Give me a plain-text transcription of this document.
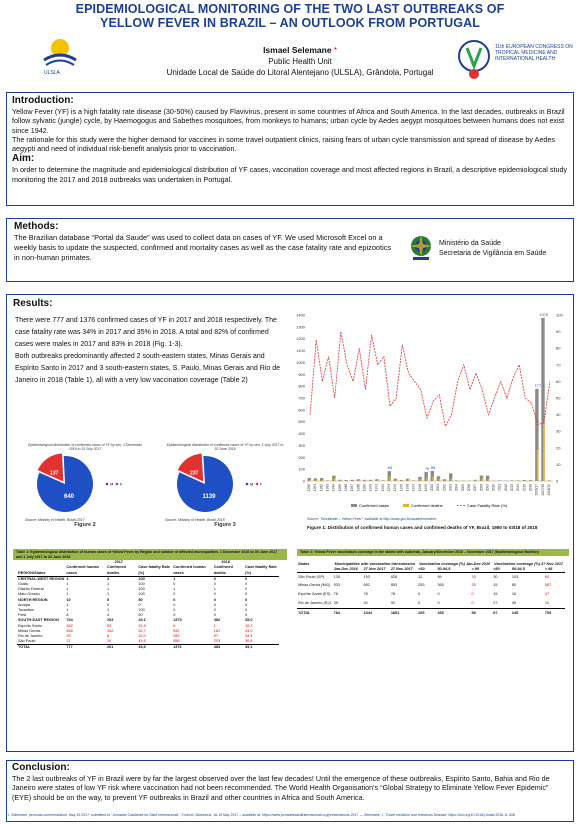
EPIDEMIOLOGICAL MONITORING OF THE TWO LAST OUTBREAKS OF
YELLOW FEVER IN BRAZIL – AN OUTLOOK FROM PORTUGAL
ULSLA
Ismael Selemane *
Public Health Unit
Unidade Local de Saúde do Litoral Alentejano (ULSLA), Grândola, Portugal
11th EUROPEAN CONGRESS ON TROPICAL MEDICINE AND INTERNATIONAL HEALTH
Introduction:
Yellow Fever (YF) is a high fatality rate disease (30-50%) caused by Flavivirus, present in some countries of Africa and South America. In the last decades, outbreaks in Brazil follow sylvatic (jungle) cycle, by Haemogogus and Sabethes mosquitoes, from monkeys to humans; urban cycle by Aedes aegypt mosquitoes between humans does not exist since 1942.
The rationale for this study were the higher demand for vaccines in some travel outpatient clinics, raising fears of urban cycle transmission and spread of disease by Aedes aegypti and need of individual risk-benefit analysis prior to vaccination.
Aim:
In order to determine the magnitude and epidemiological distribution of YF cases, vaccination coverage and most affected regions in Brazil, a descriptive epidemiological study monitoring the 2017 and 2018 outbreaks was undertaken in Portugal.
Methods:
The Brazilian database “Portal da Saude” was used to collect data on cases of YF. We used Microsoft Excel on a weekly basis to update the suspected, confirmed and mortality cases as well as the case fatality rate and epizootics in non-human primates.
Ministério da Saúde
Secretaria de Vigilância em Saúde
Results:
There were 777 and 1376 confirmed cases of YF in 2017 and 2018 respectively. The case fatality rate was 34% in 2017 and 35% in 2018. A total and 82% of confirmed cases were males in 2017 and 83% in 2018 (Fig. 1-3).
Both outbreaks predominantly affected 2 south-eastern states, Minas Gerais and Espírito Santo in 2017 and 3 south-eastern states, S. Paulo, Minas Gerais and Rio de Janeiro in 2018 (Table 1), all with a very low vaccination coverage (Table 2)
Epidemiological distribution of confirmed cases of YF by sex, 1 December 2016 to 31 July 2017
640
137
M F
Source: Ministry of Health, Brazil 2017
Figure 2
Epidemiological distribution of confirmed cases of YF by sex, 1 July 2017 to 30 June 2018
1139
237
M F
Source: Ministry of Health, Brazil 2018
Figure 3
1400
1300
1200
1100
1000
900
800
700
600
500
400
300
200
100
0
100
90
80
70
60
50
40
30
20
10
0
1980 1981 1982 1983 1984 1985 1986 1987 1988 1989 1990 1991 1992 1993 1994 1995 1996 1997 1998 1999 2000 2001 2002 2003 2004 2005 2006 2007 2008 2009 2010 2011 2012 2013 2014 2015 2016 2016/17 2017/18 2018/19
83	76 85
777
1376
Confirmed cases	Confirmed deaths	Case Fatality Rate (%)
Source: "Worldwide – Yellow Fever", available at http://www.gov.br/saude/ministerio
Figure 1: Distribution of confirmed human cases and confirmed deaths of YF, Brazil, 1980 to 03/18 of 2018
Table 1: Epidemiological distribution of human cases of Yellow Fever by Region and number of affected municipalities, 1 December 2016 to 30 June 2017 and 1 July 2017 to 30 June 2018
	2017			2018		
REGION/States	Confirmed human cases	Confirmed deaths	Case fatality Rate (%)	Confirmed human cases	Confirmed deaths	Case fatality Rate (%)
CENTRAL-WEST REGION	3	3	100	1	0	0
Goiás	1	1	100	0	0	0
Distrito Federal	1	1	100	1	1	0
Mato Grosso	1	1	100	0	0	0
NORTH REGION	10	5	50	0	0	0
Amapá	1	0	0	0	0	0
Tocantins	1	1	100	0	0	0
Pará	8	4	50	0	0	0
SOUTH-EAST REGION	764	253	33.1	1375	482	35,0
Espírito Santo	262	83	31,9	6	1	16,7
Minas Gerais	465	152	32,7	532	181	34,0
Rio de Janeiro	25	8	32,0	283	97	34,4
São Paulo	22	10	45,5	556	203	36,6
TOTAL	777	261	33,6	1376	483	35,1
Table 2: Yellow Fever vaccination coverage in the states with outbreak, January/December 2016 – November 2017 (Epidemiological Bulletin)
States	Municipalities with vaccination transmission			Vaccination coverage (%) Jan-Dec 2016			Vaccination coverage (%) 27 Nov 2017		
	Jan-Dec 2016	27 Nov 2017	27 Nov 2017	<50	50-94,5	> 95	<50	50-94,5	> 95
São Paulo (SP)	135	193	828	12	89	33	30	103	60
Minas Gerais (MG)	533	682	853	253	265	25	15	80	587
Espírito Santo (ES)	78	78	78	0	0	0	15	16	47
Rio de Janeiro (RJ)	35	92	92	0	0	0	27	49	16
TOTAL	784	1044	1851	265	335	58	87	248	709
Conclusion:
The 2 last outbreaks of YF in Brazil were by far the largest observed over the last few decades! Until the emergence of these outbreaks, Espírito Santo, Bahia and Rio de Janeiro were states of low YF risk where vaccination had not been recommended. The World Health Organisation's “Global Strategy to Eliminate Yellow Fever Epidemic” (EYE) should be on the way, to prevent YF outbreaks in Brazil and other countries in Africa and South America.
* I. Selemane, personal communication, May 15 2017; submitted to "Jornadas Catalanes de Salut Internacional", 9 edició, Barcelona, 16-19 May 2017 – available at: https://www.jornadessalutinternacional.org/presentations-2017 — Selemane, I., Travel medicine and Infectious Disease, https://doi.org/10.1016/j.tmaid.2018.11.008
